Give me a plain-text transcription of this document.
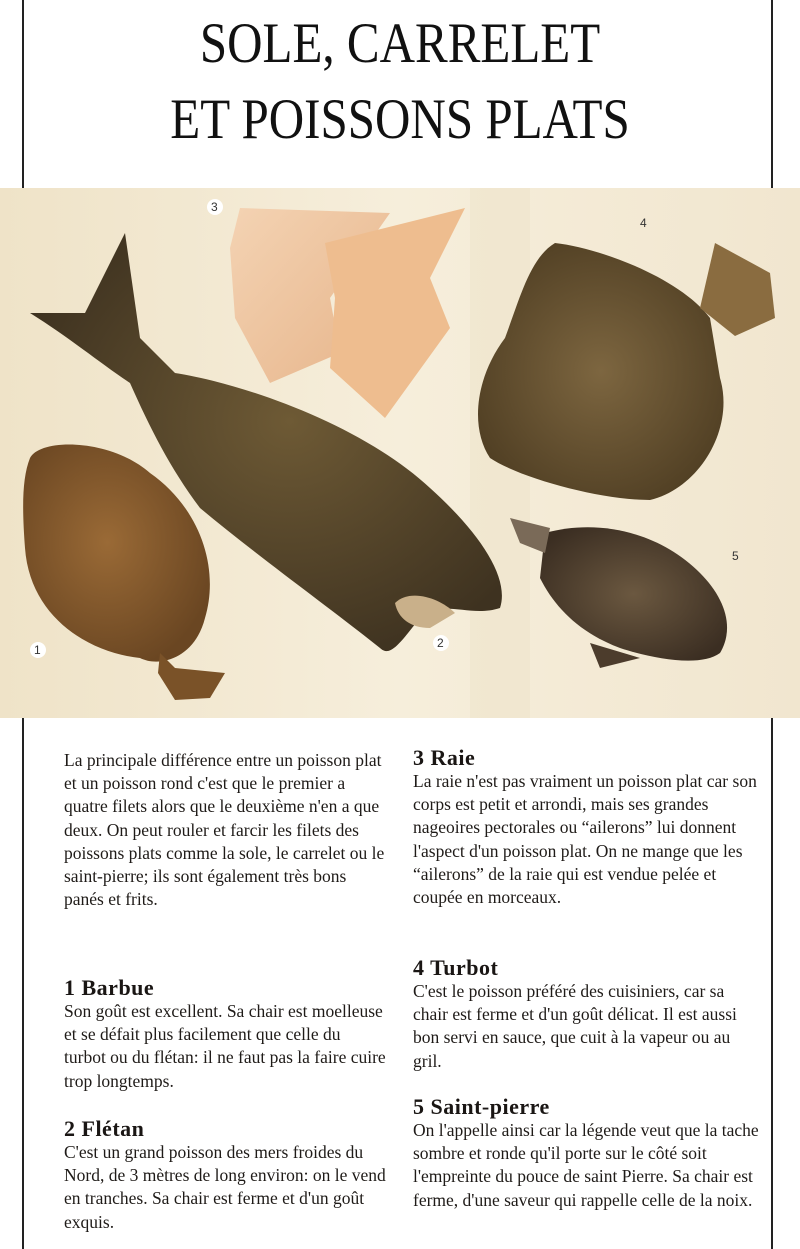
SOLE, CARRELET
ET POISSONS PLATS
1	2
3
4
5

La principale différence entre un poisson plat et un poisson rond c'est que le premier a quatre filets alors que le deuxième n'en a que deux. On peut rouler et farcir les filets des poissons plats comme la sole, le carrelet ou le saint-pierre; ils sont également très bons panés et frits.

1 Barbue

Son goût est excellent. Sa chair est moelleuse et se défait plus facilement que celle du turbot ou du flétan: il ne faut pas la faire cuire trop longtemps.

2 Flétan

C'est un grand poisson des mers froides du Nord, de 3 mètres de long environ: on le vend en tranches. Sa chair est ferme et d'un goût exquis.

3 Raie

La raie n'est pas vraiment un poisson plat car son corps est petit et arrondi, mais ses grandes nageoires pectorales ou “ailerons” lui donnent l'aspect d'un poisson plat. On ne mange que les “ailerons” de la raie qui est vendue pelée et coupée en morceaux.

4 Turbot

C'est le poisson préféré des cuisiniers, car sa chair est ferme et d'un goût délicat. Il est aussi bon servi en sauce, que cuit à la vapeur ou au gril.

5 Saint-pierre

On l'appelle ainsi car la légende veut que la tache sombre et ronde qu'il porte sur le côté soit l'empreinte du pouce de saint Pierre. Sa chair est ferme, d'une saveur qui rappelle celle de la noix.
